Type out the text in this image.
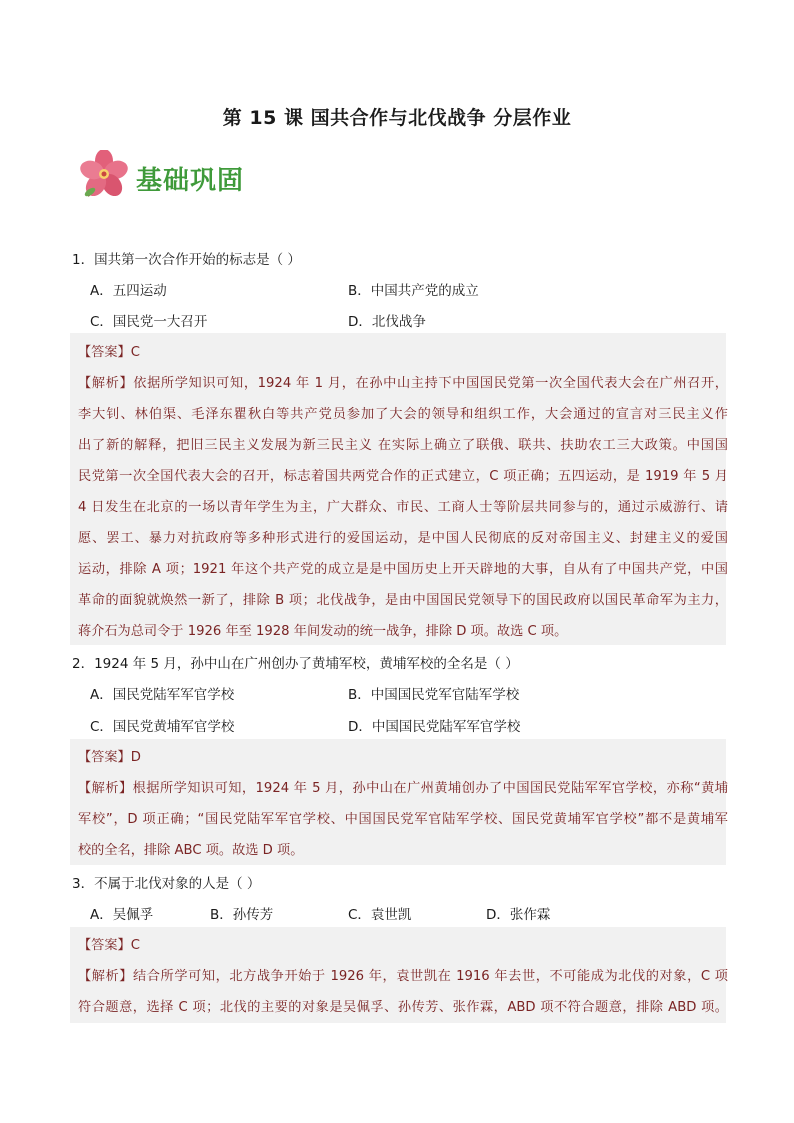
第 15 课 国共合作与北伐战争 分层作业
基础巩固
1．国共第一次合作开始的标志是（ ）
A．五四运动	B．中国共产党的成立
C．国民党一大召开	D．北伐战争
【答案】C
【解析】依据所学知识可知，1924 年 1 月，在孙中山主持下中国国民党第一次全国代表大会在广州召开，
李大钊、林伯渠、毛泽东瞿秋白等共产党员参加了大会的领导和组织工作，大会通过的宣言对三民主义作
出了新的解释，把旧三民主义发展为新三民主义 在实际上确立了联俄、联共、扶助农工三大政策。中国国
民党第一次全国代表大会的召开，标志着国共两党合作的正式建立，C 项正确；五四运动，是 1919 年 5 月
4 日发生在北京的一场以青年学生为主，广大群众、市民、工商人士等阶层共同参与的，通过示威游行、请
愿、罢工、暴力对抗政府等多种形式进行的爱国运动，是中国人民彻底的反对帝国主义、封建主义的爱国
运动，排除 A 项；1921 年这个共产党的成立是是中国历史上开天辟地的大事，自从有了中国共产党，中国
革命的面貌就焕然一新了，排除 B 项；北伐战争，是由中国国民党领导下的国民政府以国民革命军为主力，
蒋介石为总司令于 1926 年至 1928 年间发动的统一战争，排除 D 项。故选 C 项。
2．1924 年 5 月，孙中山在广州创办了黄埔军校，黄埔军校的全名是（ ）
A．国民党陆军军官学校	B．中国国民党军官陆军学校
C．国民党黄埔军官学校	D．中国国民党陆军军官学校
【答案】D
【解析】根据所学知识可知，1924 年 5 月，孙中山在广州黄埔创办了中国国民党陆军军官学校，亦称“黄埔
军校”，D 项正确；“国民党陆军军官学校、中国国民党军官陆军学校、国民党黄埔军官学校”都不是黄埔军
校的全名，排除 ABC 项。故选 D 项。
3．不属于北伐对象的人是（ ）
A．吴佩孚	B．孙传芳	C．袁世凯	D．张作霖
【答案】C
【解析】结合所学可知，北方战争开始于 1926 年，袁世凯在 1916 年去世，不可能成为北伐的对象，C 项
符合题意，选择 C 项；北伐的主要的对象是吴佩孚、孙传芳、张作霖，ABD 项不符合题意，排除 ABD 项。
